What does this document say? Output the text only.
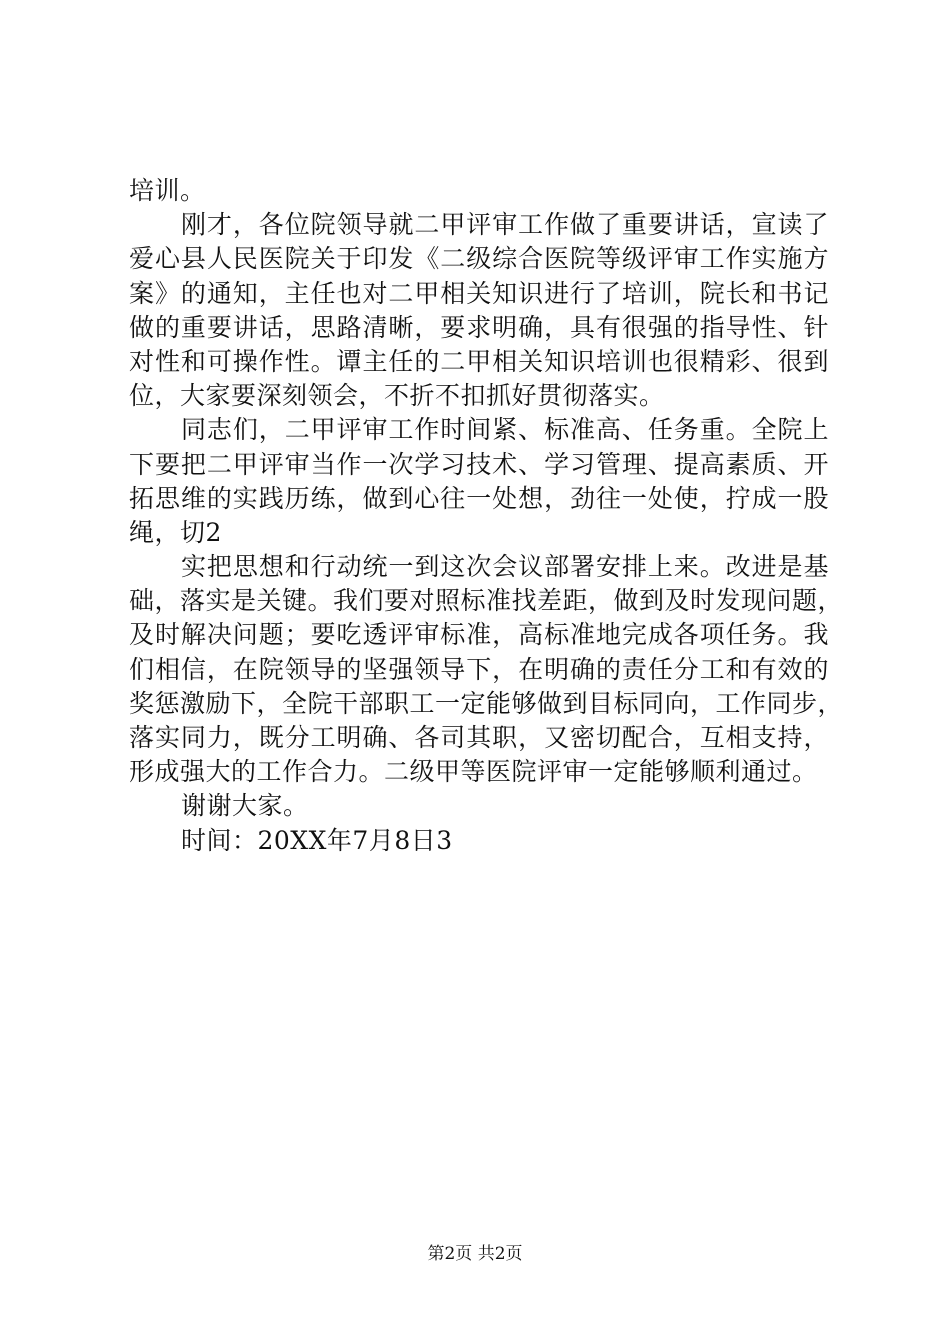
培训。
刚才，各位院领导就二甲评审工作做了重要讲话，宣读了
爱心县人民医院关于印发《二级综合医院等级评审工作实施方
案》的通知，主任也对二甲相关知识进行了培训，院长和书记
做的重要讲话，思路清晰，要求明确，具有很强的指导性、针
对性和可操作性。谭主任的二甲相关知识培训也很精彩、很到
位，大家要深刻领会，不折不扣抓好贯彻落实。
同志们，二甲评审工作时间紧、标准高、任务重。全院上
下要把二甲评审当作一次学习技术、学习管理、提高素质、开
拓思维的实践历练，做到心往一处想，劲往一处使，拧成一股
绳，切2
实把思想和行动统一到这次会议部署安排上来。改进是基
础，落实是关键。我们要对照标准找差距，做到及时发现问题，
及时解决问题；要吃透评审标准，高标准地完成各项任务。我
们相信，在院领导的坚强领导下，在明确的责任分工和有效的
奖惩激励下，全院干部职工一定能够做到目标同向，工作同步，
落实同力，既分工明确、各司其职，又密切配合，互相支持，
形成强大的工作合力。二级甲等医院评审一定能够顺利通过。
谢谢大家。
时间：20XX年7月8日3
第2页 共2页
